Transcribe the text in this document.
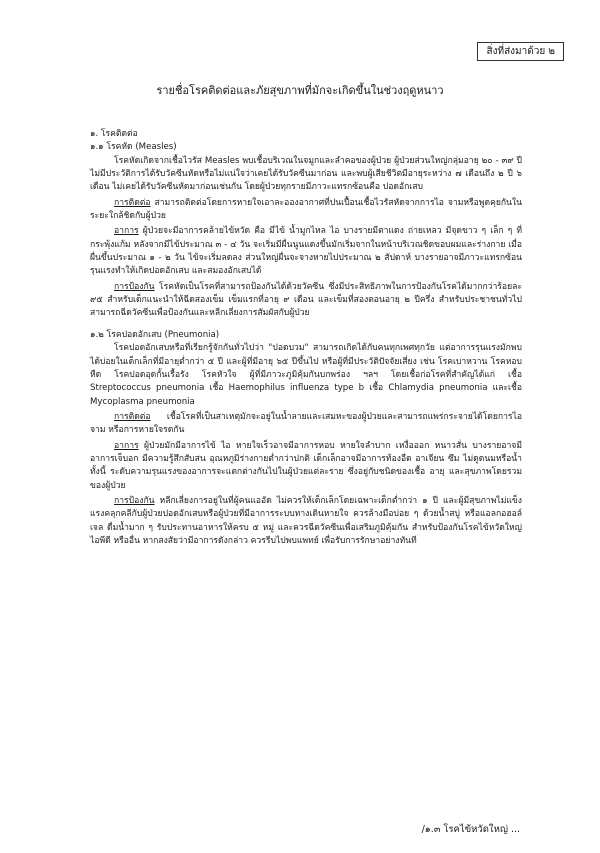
สิ่งที่ส่งมาด้วย ๒
รายชื่อโรคติดต่อและภัยสุขภาพที่มักจะเกิดขึ้นในช่วงฤดูหนาว

๑. โรคติดต่อ

๑.๑ โรคหัด (Measles)

โรคหัดเกิดจากเชื้อไวรัส Measles พบเชื้อบริเวณในจมูกและลำคอของผู้ป่วย ผู้ป่วยส่วนใหญ่กลุ่มอายุ ๒๐ - ๓๙ ปี ไม่มีประวัติการได้รับวัคซีนหัดหรือไม่แน่ใจว่าเคยได้รับวัคซีนมาก่อน และพบผู้เสียชีวิตมีอายุระหว่าง ๗ เดือนถึง ๒ ปี ๖ เดือน ไม่เคยได้รับวัคซีนหัดมาก่อนเช่นกัน โดยผู้ป่วยทุกรายมีภาวะแทรกซ้อนคือ ปอดอักเสบ

การติดต่อ สามารถติดต่อโดยการหายใจเอาละอองอากาศที่ปนเปื้อนเชื้อไวรัสหัดจากการไอ จามหรือพูดคุยกันในระยะใกล้ชิดกับผู้ป่วย

อาการ ผู้ป่วยจะมีอาการคล้ายไข้หวัด คือ มีไข้ น้ำมูกไหล ไอ บางรายมีตาแดง ถ่ายเหลว มีจุดขาว ๆ เล็ก ๆ ที่กระพุ้งแก้ม หลังจากมีไข้ประมาณ ๓ - ๔ วัน จะเริ่มมีผื่นนูนแดงขึ้นมักเริ่มจากในหน้าบริเวณชิดขอบผมและร่างกาย เมื่อผื่นขึ้นประมาณ ๑ - ๒ วัน ไข้จะเริ่มลดลง ส่วนใหญ่ผื่นจะจางหายไปประมาณ ๒ สัปดาห์ บางรายอาจมีภาวะแทรกซ้อนรุนแรงทำให้เกิดปอดอักเสบ และสมองอักเสบได้

การป้องกัน โรคหัดเป็นโรคที่สามารถป้องกันได้ด้วยวัคซีน ซึ่งมีประสิทธิภาพในการป้องกันโรคได้มากกว่าร้อยละ ๙๕ สำหรับเด็กแนะนำให้ฉีดสองเข็ม เข็มแรกที่อายุ ๙ เดือน และเข็มที่สองตอนอายุ ๒ ปีครึ่ง สำหรับประชาชนทั่วไปสามารถฉีดวัคซีนเพื่อป้องกันและหลีกเลี่ยงการสัมผัสกับผู้ป่วย

๑.๒ โรคปอดอักเสบ (Pneumonia)

โรคปอดอักเสบหรือที่เรียกรู้จักกันทั่วไปว่า "ปอดบวม" สามารถเกิดได้กับคนทุกเพศทุกวัย แต่อาการรุนแรงมักพบได้บ่อยในเด็กเล็กที่มีอายุต่ำกว่า ๕ ปี และผู้ที่มีอายุ ๖๕ ปีขึ้นไป หรือผู้ที่มีประวัติปัจจัยเสี่ยง เช่น โรคเบาหวาน โรคหอบหืด โรคปอดอุดกั้นเรื้อรัง โรคหัวใจ ผู้ที่มีภาวะภูมิคุ้มกันบกพร่อง ฯลฯ โดยเชื้อก่อโรคที่สำคัญได้แก่ เชื้อ Streptococcus pneumonia เชื้อ Haemophilus influenza type b เชื้อ Chlamydia pneumonia และเชื้อ Mycoplasma pneumonia

การติดต่อ เชื้อโรคที่เป็นสาเหตุมักจะอยู่ในน้ำลายและเสมหะของผู้ป่วยและสามารถแพร่กระจายได้โดยการไอ จาม หรือการหายใจรดกัน

อาการ ผู้ป่วยมักมีอาการไข้ ไอ หายใจเร็วอาจมีอาการหอบ หายใจลำบาก เหงื่อออก หนาวสั่น บางรายอาจมีอาการเจ็บอก มีความรู้สึกสับสน อุณหภูมิร่างกายต่ำกว่าปกติ เด็กเล็กอาจมีอาการท้องอืด อาเจียน ซึม ไม่ดูดนมหรือน้ำ ทั้งนี้ ระดับความรุนแรงของอาการจะแตกต่างกันไปในผู้ป่วยแต่ละราย ซึ่งอยู่กับชนิดของเชื้อ อายุ และสุขภาพโดยรวมของผู้ป่วย

การป้องกัน หลีกเลี่ยงการอยู่ในที่ผู้คนแออัด ไม่ควรให้เด็กเล็กโดยเฉพาะเด็กต่ำกว่า ๑ ปี และผู้มีสุขภาพไม่แข็งแรงคลุกคลีกับผู้ป่วยปอดอักเสบหรือผู้ป่วยที่มีอาการระบบทางเดินหายใจ ควรล้างมือบ่อย ๆ ด้วยน้ำสบู่ หรือแอลกอฮอล์เจล ดื่มน้ำมาก ๆ รับประทานอาหารให้ครบ ๕ หมู่ และควรฉีดวัคซีนเพื่อเสริมภูมิคุ้มกัน สำหรับป้องกันโรคไข้หวัดใหญ่ ไอพีดี หรืออื่น หากสงสัยว่ามีอาการดังกล่าว ควรรีบไปพบแพทย์ เพื่อรับการรักษาอย่างทันที

/๑.๓ โรคไข้หวัดใหญ่ ...
